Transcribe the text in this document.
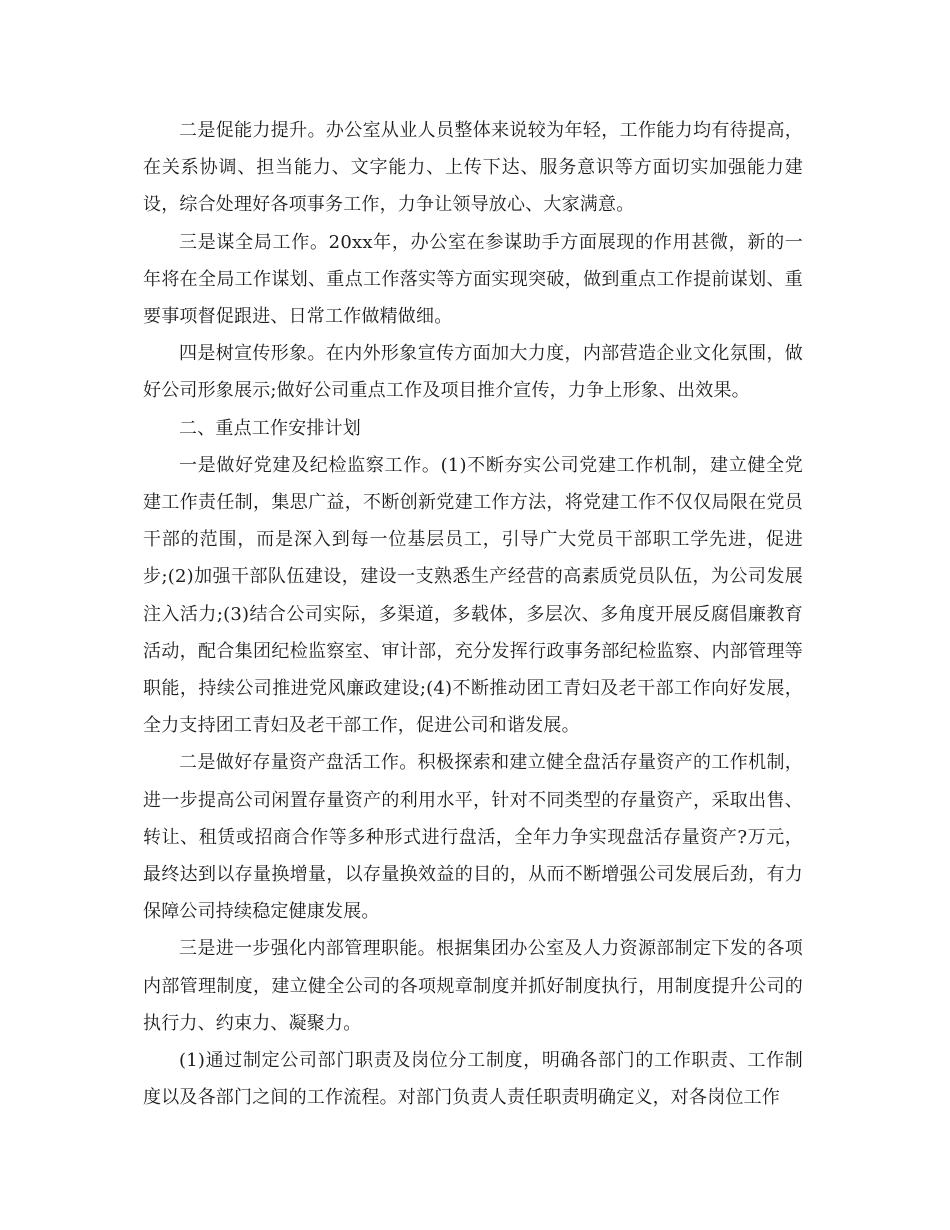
二是促能力提升。办公室从业人员整体来说较为年轻，工作能力均有待提高，在关系协调、担当能力、文字能力、上传下达、服务意识等方面切实加强能力建设，综合处理好各项事务工作，力争让领导放心、大家满意。

三是谋全局工作。20xx年，办公室在参谋助手方面展现的作用甚微，新的一年将在全局工作谋划、重点工作落实等方面实现突破，做到重点工作提前谋划、重要事项督促跟进、日常工作做精做细。

四是树宣传形象。在内外形象宣传方面加大力度，内部营造企业文化氛围，做好公司形象展示;做好公司重点工作及项目推介宣传，力争上形象、出效果。

二、重点工作安排计划

一是做好党建及纪检监察工作。(1)不断夯实公司党建工作机制，建立健全党建工作责任制，集思广益，不断创新党建工作方法，将党建工作不仅仅局限在党员干部的范围，而是深入到每一位基层员工，引导广大党员干部职工学先进，促进步;(2)加强干部队伍建设，建设一支熟悉生产经营的高素质党员队伍，为公司发展注入活力;(3)结合公司实际，多渠道，多载体，多层次、多角度开展反腐倡廉教育活动，配合集团纪检监察室、审计部，充分发挥行政事务部纪检监察、内部管理等职能，持续公司推进党风廉政建设;(4)不断推动团工青妇及老干部工作向好发展，全力支持团工青妇及老干部工作，促进公司和谐发展。

二是做好存量资产盘活工作。积极探索和建立健全盘活存量资产的工作机制，进一步提高公司闲置存量资产的利用水平，针对不同类型的存量资产，采取出售、转让、租赁或招商合作等多种形式进行盘活，全年力争实现盘活存量资产?万元，最终达到以存量换增量，以存量换效益的目的，从而不断增强公司发展后劲，有力保障公司持续稳定健康发展。

三是进一步强化内部管理职能。根据集团办公室及人力资源部制定下发的各项内部管理制度，建立健全公司的各项规章制度并抓好制度执行，用制度提升公司的执行力、约束力、凝聚力。

(1)通过制定公司部门职责及岗位分工制度，明确各部门的工作职责、工作制度以及各部门之间的工作流程。对部门负责人责任职责明确定义，对各岗位工作
